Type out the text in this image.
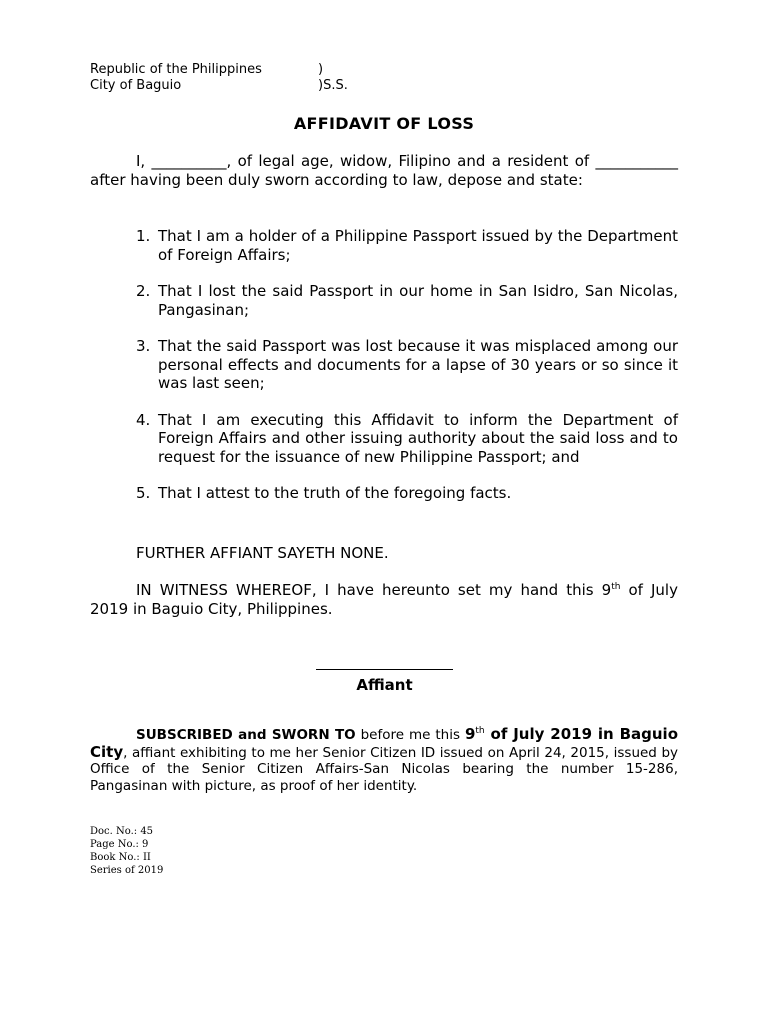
Republic of the Philippines	)
City of Baguio	)S.S.
AFFIDAVIT OF LOSS
I, __________, of legal age, widow, Filipino and a resident of ___________ after having been duly sworn according to law, depose and state:
1. That I am a holder of a Philippine Passport issued by the Department of Foreign Affairs;
2. That I lost the said Passport in our home in San Isidro, San Nicolas, Pangasinan;
3. That the said Passport was lost because it was misplaced among our personal effects and documents for a lapse of 30 years or so since it was last seen;
4. That I am executing this Affidavit to inform the Department of Foreign Affairs and other issuing authority about the said loss and to request for the issuance of new Philippine Passport; and
5. That I attest to the truth of the foregoing facts.
FURTHER AFFIANT SAYETH NONE.
IN WITNESS WHEREOF, I have hereunto set my hand this 9th of July 2019 in Baguio City, Philippines.
Affiant
SUBSCRIBED and SWORN TO before me this 9th of July 2019 in Baguio City, affiant exhibiting to me her Senior Citizen ID issued on April 24, 2015, issued by Office of the Senior Citizen Affairs-San Nicolas bearing the number 15-286, Pangasinan with picture, as proof of her identity.
Doc. No.: 45
Page No.: 9
Book No.: II
Series of 2019
